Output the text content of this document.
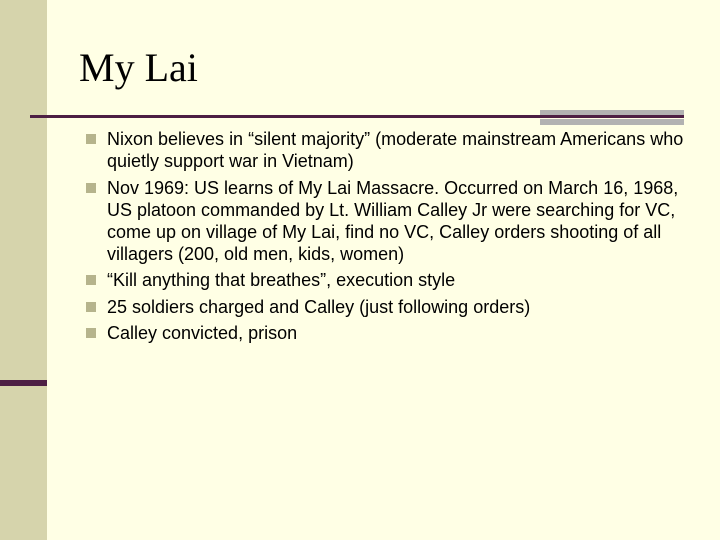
My Lai
Nixon believes in “silent majority” (moderate mainstream Americans who quietly support war in Vietnam)
Nov 1969: US learns of My Lai Massacre. Occurred on March 16, 1968, US platoon commanded by Lt. William Calley Jr were searching for VC, come up on village of My Lai, find no VC, Calley orders shooting of all villagers (200, old men, kids, women)
“Kill anything that breathes”, execution style
25 soldiers charged and Calley (just following orders)
Calley convicted, prison
